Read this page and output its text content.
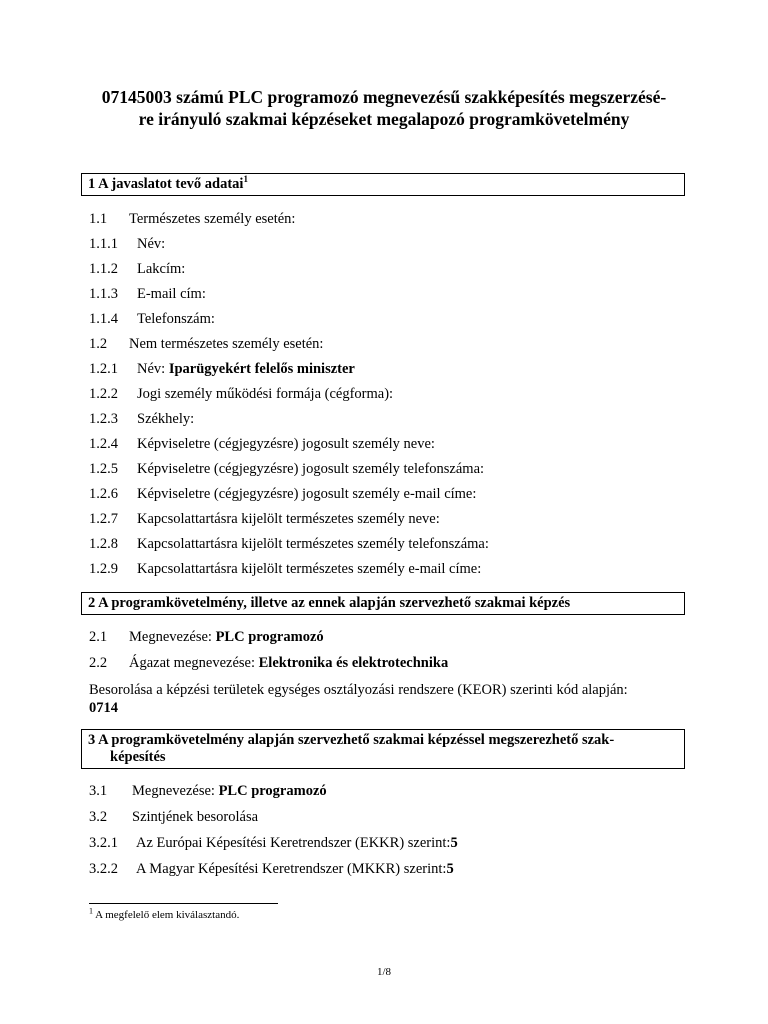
07145003 számú PLC programozó megnevezésű szakképesítés megszerzésé-
re irányuló szakmai képzéseket megalapozó programkövetelmény
1 A javaslatot tevő adatai$^1$
1.1 Természetes személy esetén:
1.1.1 Név:
1.1.2 Lakcím:
1.1.3 E-mail cím:
1.1.4 Telefonszám:
1.2 Nem természetes személy esetén:
1.2.1 Név: Iparügyekért felelős miniszter
1.2.2 Jogi személy működési formája (cégforma):
1.2.3 Székhely:
1.2.4 Képviseletre (cégjegyzésre) jogosult személy neve:
1.2.5 Képviseletre (cégjegyzésre) jogosult személy telefonszáma:
1.2.6 Képviseletre (cégjegyzésre) jogosult személy e-mail címe:
1.2.7 Kapcsolattartásra kijelölt természetes személy neve:
1.2.8 Kapcsolattartásra kijelölt természetes személy telefonszáma:
1.2.9 Kapcsolattartásra kijelölt természetes személy e-mail címe:
2 A programkövetelmény, illetve az ennek alapján szervezhető szakmai képzés
2.1 Megnevezése: PLC programozó
2.2 Ágazat megnevezése: Elektronika és elektrotechnika
Besorolása a képzési területek egységes osztályozási rendszere (KEOR) szerinti kód alapján:
0714
3 A programkövetelmény alapján szervezhető szakmai képzéssel megszerezhető szak-
képesítés
3.1 Megnevezése: PLC programozó
3.2 Szintjének besorolása
3.2.1 Az Európai Képesítési Keretrendszer (EKKR) szerint:5
3.2.2 A Magyar Képesítési Keretrendszer (MKKR) szerint:5
$^1$ A megfelelő elem kiválasztandó.
1/8
